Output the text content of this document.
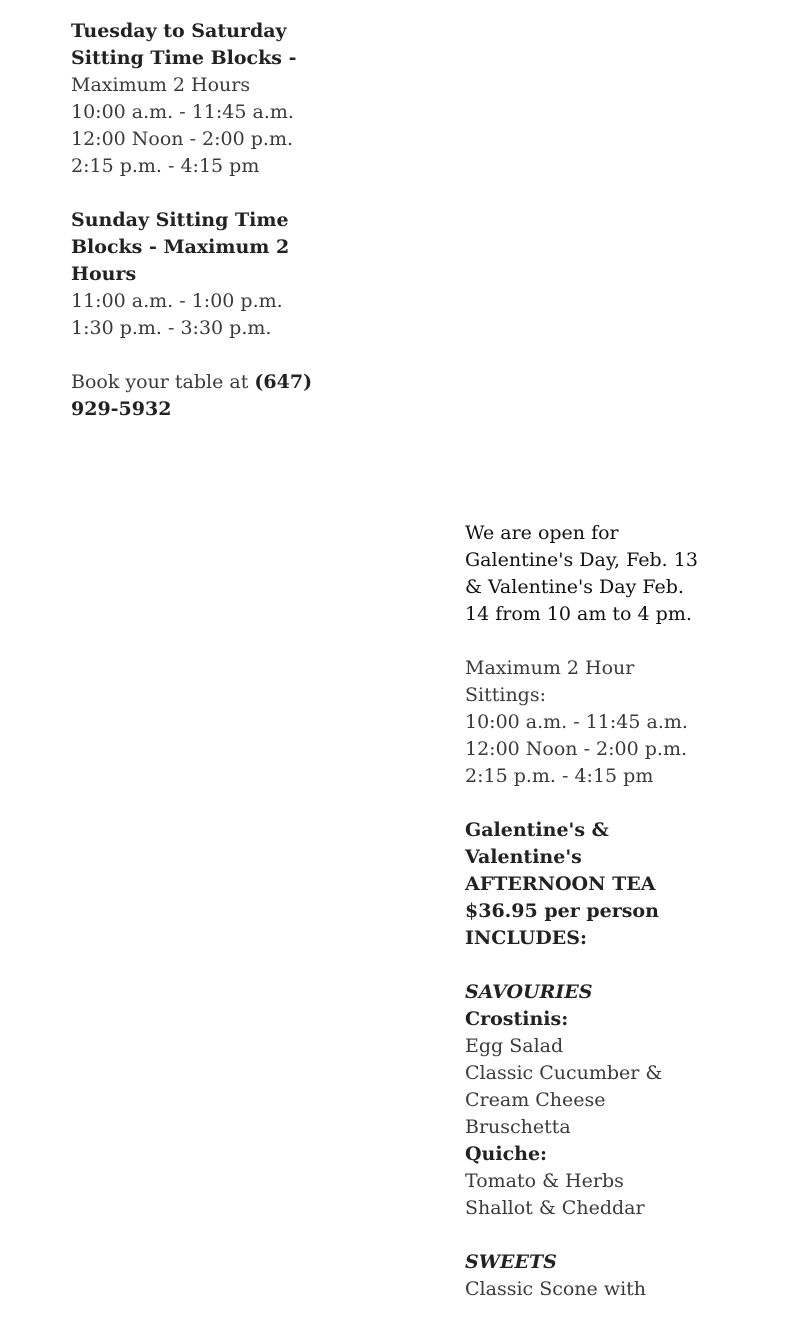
Tuesday to Saturday Sitting Time Blocks - Maximum 2 Hours
10:00 a.m. - 11:45 a.m.
12:00 Noon - 2:00 p.m.
2:15 p.m. - 4:15 pm

Sunday Sitting Time Blocks - Maximum 2 Hours
11:00 a.m. - 1:00 p.m.
1:30 p.m. - 3:30 p.m.

Book your table at (647) 929-5932

We are open for Galentine's Day, Feb. 13 & Valentine's Day Feb. 14 from 10 am to 4 pm.

Maximum 2 Hour Sittings:
10:00 a.m. - 11:45 a.m.
12:00 Noon - 2:00 p.m.
2:15 p.m. - 4:15 pm

Galentine's & Valentine's AFTERNOON TEA $36.95 per person INCLUDES:

SAVOURIES
Crostinis:
Egg Salad
Classic Cucumber & Cream Cheese
Bruschetta
Quiche:
Tomato & Herbs
Shallot & Cheddar

SWEETS
Classic Scone with
